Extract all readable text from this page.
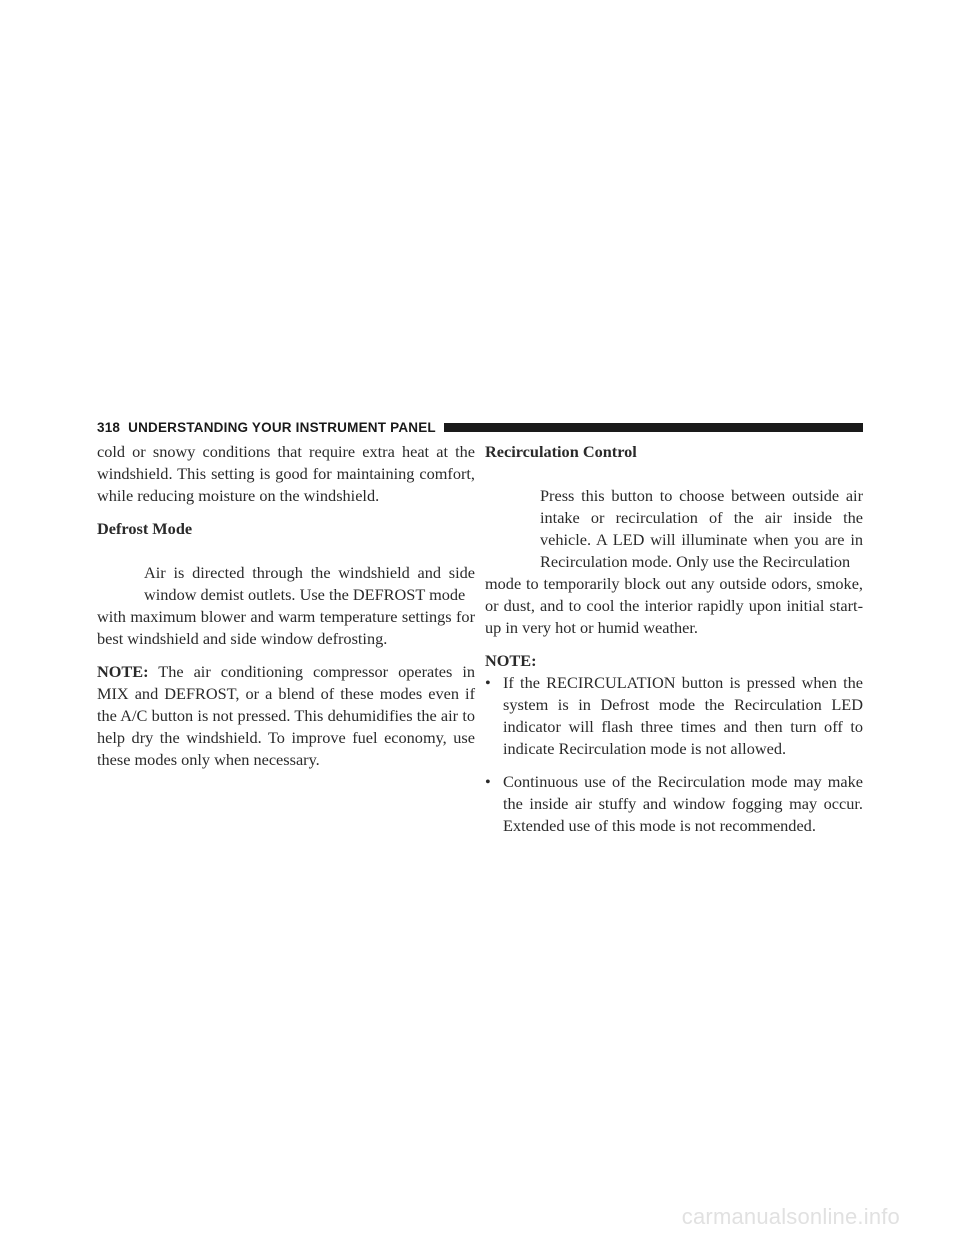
318 UNDERSTANDING YOUR INSTRUMENT PANEL

cold or snowy conditions that require extra heat at the windshield. This setting is good for maintaining comfort, while reducing moisture on the windshield.

Defrost Mode

Air is directed through the windshield and side window demist outlets. Use the DEFROST mode

with maximum blower and warm temperature settings for best windshield and side window defrosting.

NOTE: The air conditioning compressor operates in MIX and DEFROST, or a blend of these modes even if the A/C button is not pressed. This dehumidifies the air to help dry the windshield. To improve fuel economy, use these modes only when necessary.

Recirculation Control

Press this button to choose between outside air intake or recirculation of the air inside the vehicle. A LED will illuminate when you are in Recirculation mode. Only use the Recirculation

mode to temporarily block out any outside odors, smoke, or dust, and to cool the interior rapidly upon initial start-up in very hot or humid weather.

NOTE:

• If the RECIRCULATION button is pressed when the system is in Defrost mode the Recirculation LED indicator will flash three times and then turn off to indicate Recirculation mode is not allowed.
• Continuous use of the Recirculation mode may make the inside air stuffy and window fogging may occur. Extended use of this mode is not recommended.
carmanualsonline.info
